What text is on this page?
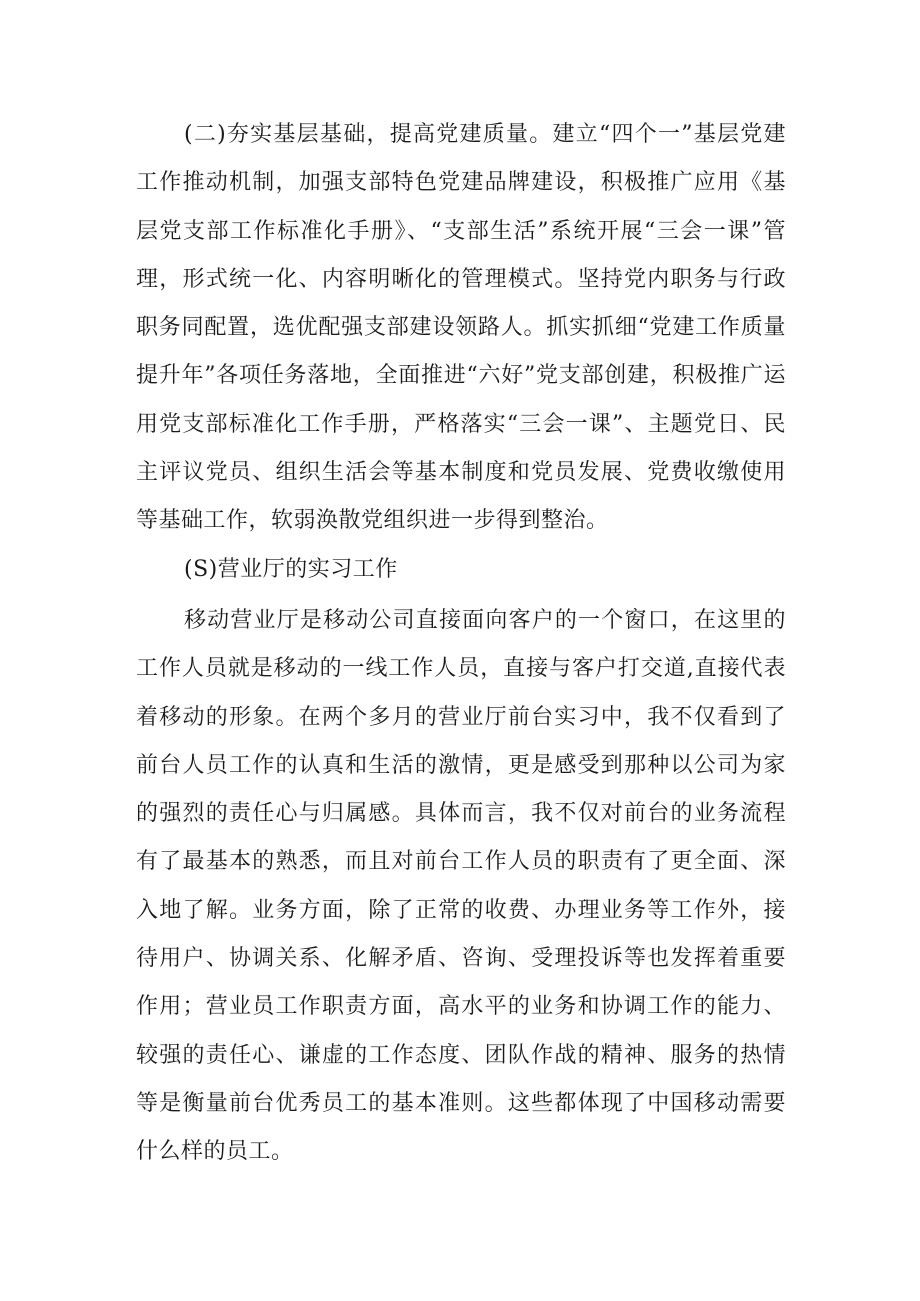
(二)夯实基层基础，提高党建质量。建立“四个一”基层党建工作推动机制，加强支部特色党建品牌建设，积极推广应用《基层党支部工作标准化手册》、“支部生活”系统开展“三会一课”管理，形式统一化、内容明晰化的管理模式。坚持党内职务与行政职务同配置，选优配强支部建设领路人。抓实抓细“党建工作质量提升年”各项任务落地，全面推进“六好”党支部创建，积极推广运用党支部标准化工作手册，严格落实“三会一课”、主题党日、民主评议党员、组织生活会等基本制度和党员发展、党费收缴使用等基础工作，软弱涣散党组织进一步得到整治。

(S)营业厅的实习工作

移动营业厅是移动公司直接面向客户的一个窗口，在这里的工作人员就是移动的一线工作人员，直接与客户打交道,直接代表着移动的形象。在两个多月的营业厅前台实习中，我不仅看到了前台人员工作的认真和生活的激情，更是感受到那种以公司为家的强烈的责任心与归属感。具体而言，我不仅对前台的业务流程有了最基本的熟悉，而且对前台工作人员的职责有了更全面、深入地了解。业务方面，除了正常的收费、办理业务等工作外，接待用户、协调关系、化解矛盾、咨询、受理投诉等也发挥着重要作用；营业员工作职责方面，高水平的业务和协调工作的能力、较强的责任心、谦虚的工作态度、团队作战的精神、服务的热情等是衡量前台优秀员工的基本准则。这些都体现了中国移动需要什么样的员工。
